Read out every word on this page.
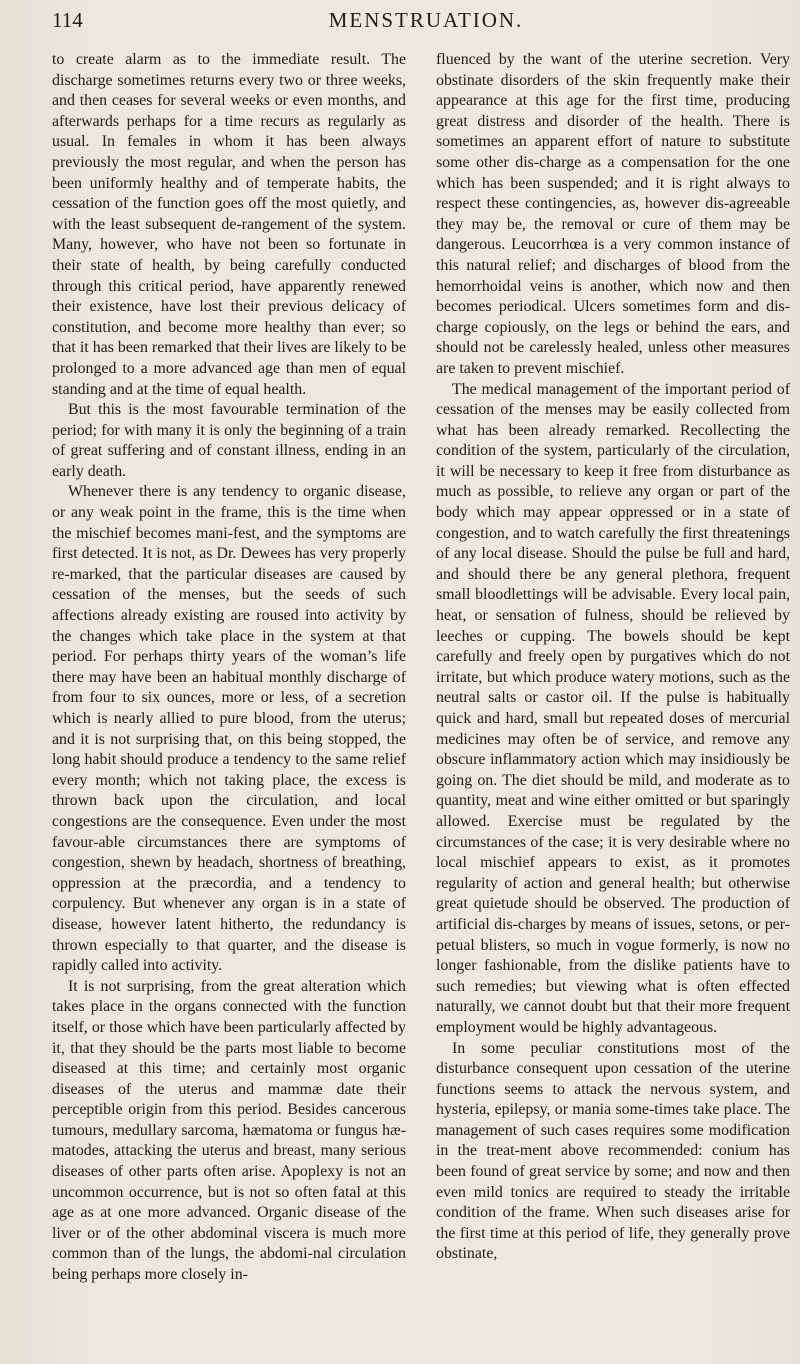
114	MENSTRUATION.

to create alarm as to the immediate result. The discharge sometimes returns every two or three weeks, and then ceases for several weeks or even months, and afterwards perhaps for a time recurs as regularly as usual. In females in whom it has been always previously the most regular, and when the person has been uniformly healthy and of temperate habits, the cessation of the function goes off the most quietly, and with the least subsequent de-rangement of the system. Many, however, who have not been so fortunate in their state of health, by being carefully conducted through this critical period, have apparently renewed their existence, have lost their previous delicacy of constitution, and become more healthy than ever; so that it has been remarked that their lives are likely to be prolonged to a more advanced age than men of equal standing and at the time of equal health.

But this is the most favourable termination of the period; for with many it is only the beginning of a train of great suffering and of constant illness, ending in an early death.

Whenever there is any tendency to organic disease, or any weak point in the frame, this is the time when the mischief becomes mani-fest, and the symptoms are first detected. It is not, as Dr. Dewees has very properly re-marked, that the particular diseases are caused by cessation of the menses, but the seeds of such affections already existing are roused into activity by the changes which take place in the system at that period. For perhaps thirty years of the woman’s life there may have been an habitual monthly discharge of from four to six ounces, more or less, of a secretion which is nearly allied to pure blood, from the uterus; and it is not surprising that, on this being stopped, the long habit should produce a tendency to the same relief every month; which not taking place, the excess is thrown back upon the circulation, and local congestions are the consequence. Even under the most favour-able circumstances there are symptoms of congestion, shewn by headach, shortness of breathing, oppression at the præcordia, and a tendency to corpulency. But whenever any organ is in a state of disease, however latent hitherto, the redundancy is thrown especially to that quarter, and the disease is rapidly called into activity.

It is not surprising, from the great alteration which takes place in the organs connected with the function itself, or those which have been particularly affected by it, that they should be the parts most liable to become diseased at this time; and certainly most organic diseases of the uterus and mammæ date their perceptible origin from this period. Besides cancerous tumours, medullary sarcoma, hæmatoma or fungus hæ-matodes, attacking the uterus and breast, many serious diseases of other parts often arise. Apoplexy is not an uncommon occurrence, but is not so often fatal at this age as at one more advanced. Organic disease of the liver or of the other abdominal viscera is much more common than of the lungs, the abdomi-nal circulation being perhaps more closely in-

fluenced by the want of the uterine secretion. Very obstinate disorders of the skin frequently make their appearance at this age for the first time, producing great distress and disorder of the health. There is sometimes an apparent effort of nature to substitute some other dis-charge as a compensation for the one which has been suspended; and it is right always to respect these contingencies, as, however dis-agreeable they may be, the removal or cure of them may be dangerous. Leucorrhœa is a very common instance of this natural relief; and discharges of blood from the hemorrhoidal veins is another, which now and then becomes periodical. Ulcers sometimes form and dis-charge copiously, on the legs or behind the ears, and should not be carelessly healed, unless other measures are taken to prevent mischief.

The medical management of the important period of cessation of the menses may be easily collected from what has been already remarked. Recollecting the condition of the system, particularly of the circulation, it will be necessary to keep it free from disturbance as much as possible, to relieve any organ or part of the body which may appear oppressed or in a state of congestion, and to watch carefully the first threatenings of any local disease. Should the pulse be full and hard, and should there be any general plethora, frequent small bloodlettings will be advisable. Every local pain, heat, or sensation of fulness, should be relieved by leeches or cupping. The bowels should be kept carefully and freely open by purgatives which do not irritate, but which produce watery motions, such as the neutral salts or castor oil. If the pulse is habitually quick and hard, small but repeated doses of mercurial medicines may often be of service, and remove any obscure inflammatory action which may insidiously be going on. The diet should be mild, and moderate as to quantity, meat and wine either omitted or but sparingly allowed. Exercise must be regulated by the circumstances of the case; it is very desirable where no local mischief appears to exist, as it promotes regularity of action and general health; but otherwise great quietude should be observed. The production of artificial dis-charges by means of issues, setons, or per-petual blisters, so much in vogue formerly, is now no longer fashionable, from the dislike patients have to such remedies; but viewing what is often effected naturally, we cannot doubt but that their more frequent employment would be highly advantageous.

In some peculiar constitutions most of the disturbance consequent upon cessation of the uterine functions seems to attack the nervous system, and hysteria, epilepsy, or mania some-times take place. The management of such cases requires some modification in the treat-ment above recommended: conium has been found of great service by some; and now and then even mild tonics are required to steady the irritable condition of the frame. When such diseases arise for the first time at this period of life, they generally prove obstinate,
